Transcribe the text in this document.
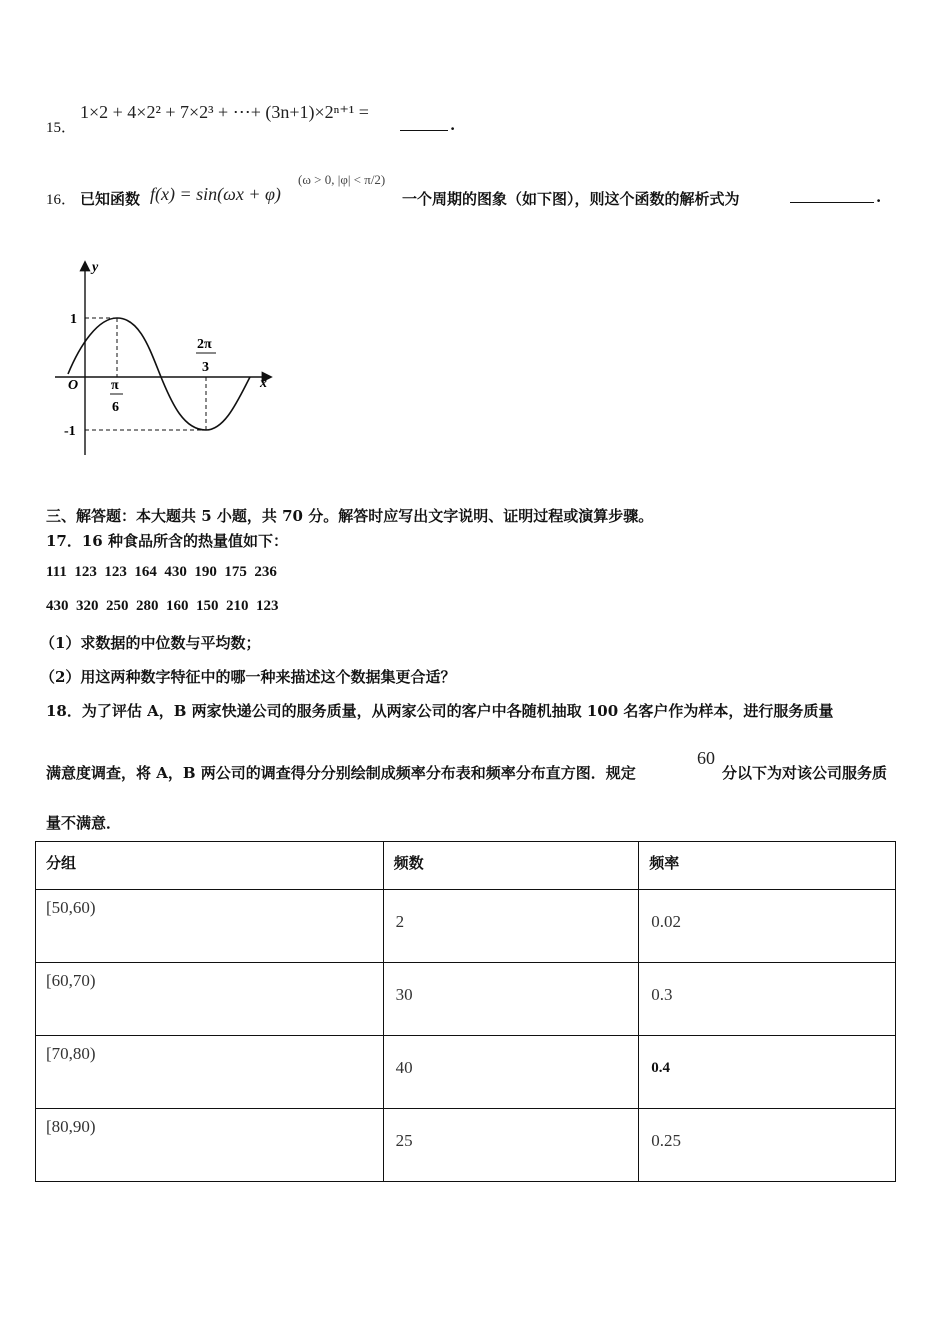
15．
1×2 + 4×2² + 7×2³ + ⋯+ (3n+1)×2ⁿ⁺¹ =
.
16． 已知函数 f(x) = sin(ωx + φ)
(ω > 0, |φ| < π/2)
一个周期的图象（如下图），则这个函数的解析式为	.
y
x
O
1
-1
π
6
2π
3
三、解答题：本大题共 5 小题，共 70 分。解答时应写出文字说明、证明过程或演算步骤。
17．16 种食品所含的热量值如下：
111  123  123  164  430  190  175  236
430  320  250  280  160  150  210  123
（1）求数据的中位数与平均数；
（2）用这两种数字特征中的哪一种来描述这个数据集更合适？
18．为了评估 A，B 两家快递公司的服务质量，从两家公司的客户中各随机抽取 100 名客户作为样本，进行服务质量
满意度调查，将 A，B 两公司的调查得分分别绘制成频率分布表和频率分布直方图．规定
60
分以下为对该公司服务质
量不满意．
分组	频数	频率

[50,60)	2	0.02

[60,70)	30	0.3

[70,80)	40	0.4

[80,90)	25	0.25
